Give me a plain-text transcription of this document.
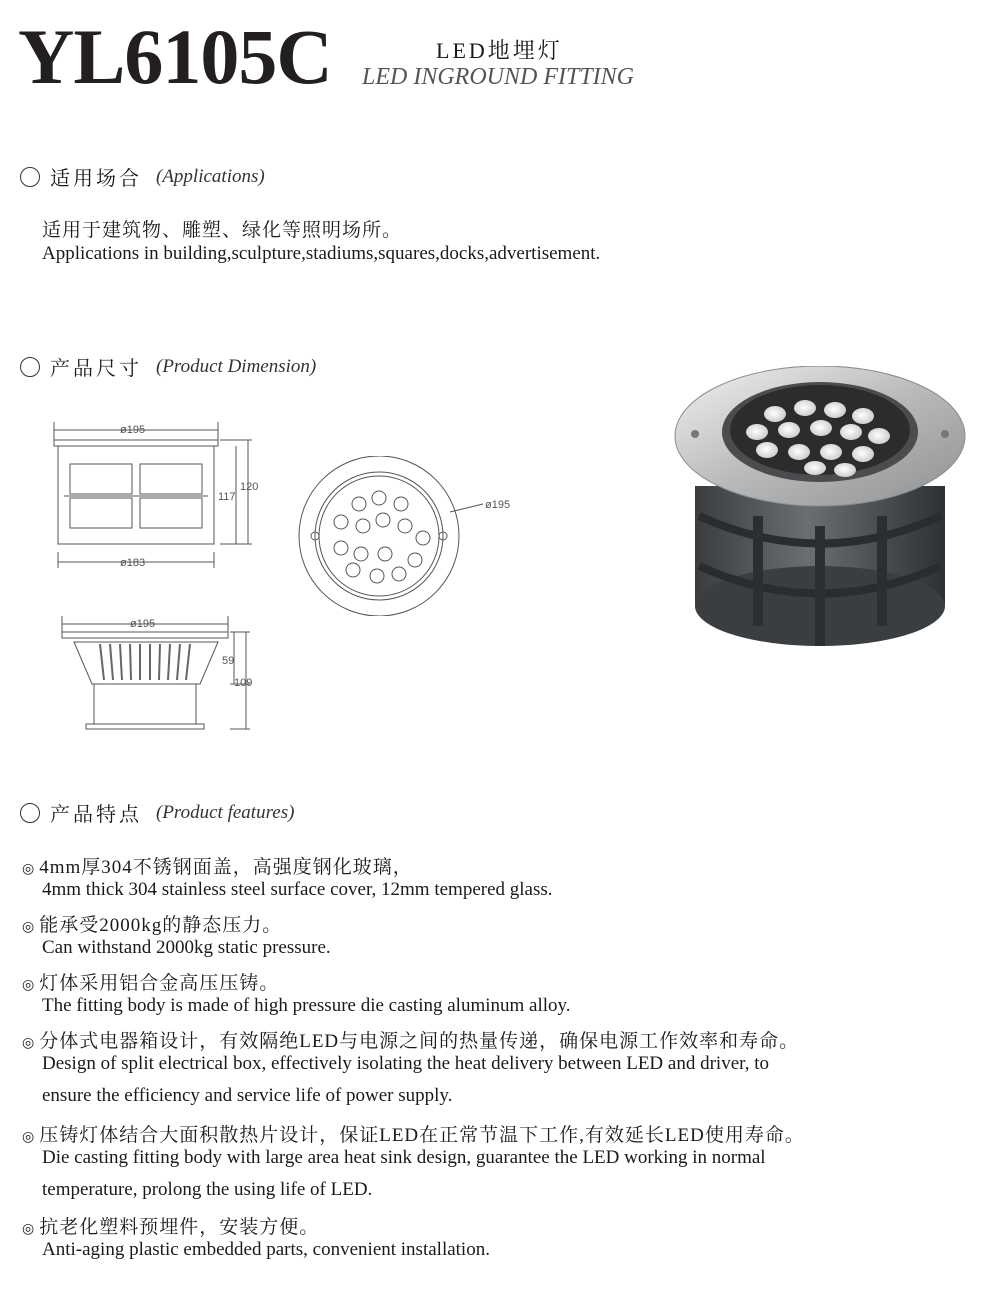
YL6105C	LED地埋灯
LED INGROUND FITTING
适用场合 (Applications)
适用于建筑物、雕塑、绿化等照明场所。
Applications in building,sculpture,stadiums,squares,docks,advertisement.
产品尺寸 (Product Dimension)
ø195
ø183
120
117
ø195
ø195
59
109
产品特点 (Product features)
◎ 4mm厚304不锈钢面盖，高强度钢化玻璃，
4mm thick 304 stainless steel surface cover, 12mm tempered glass.
◎ 能承受2000kg的静态压力。
Can withstand 2000kg static pressure.
◎ 灯体采用铝合金高压压铸。
The fitting body is made of high pressure die casting aluminum alloy.
◎ 分体式电器箱设计，有效隔绝LED与电源之间的热量传递，确保电源工作效率和寿命。
Design of split electrical box, effectively isolating the heat delivery between LED and driver, to
ensure the efficiency and service life of power supply.
◎ 压铸灯体结合大面积散热片设计，保证LED在正常节温下工作,有效延长LED使用寿命。
Die casting fitting body with large area heat sink design, guarantee the LED working in normal
temperature, prolong the using life of LED.
◎ 抗老化塑料预埋件，安装方便。
Anti-aging plastic embedded parts, convenient installation.
